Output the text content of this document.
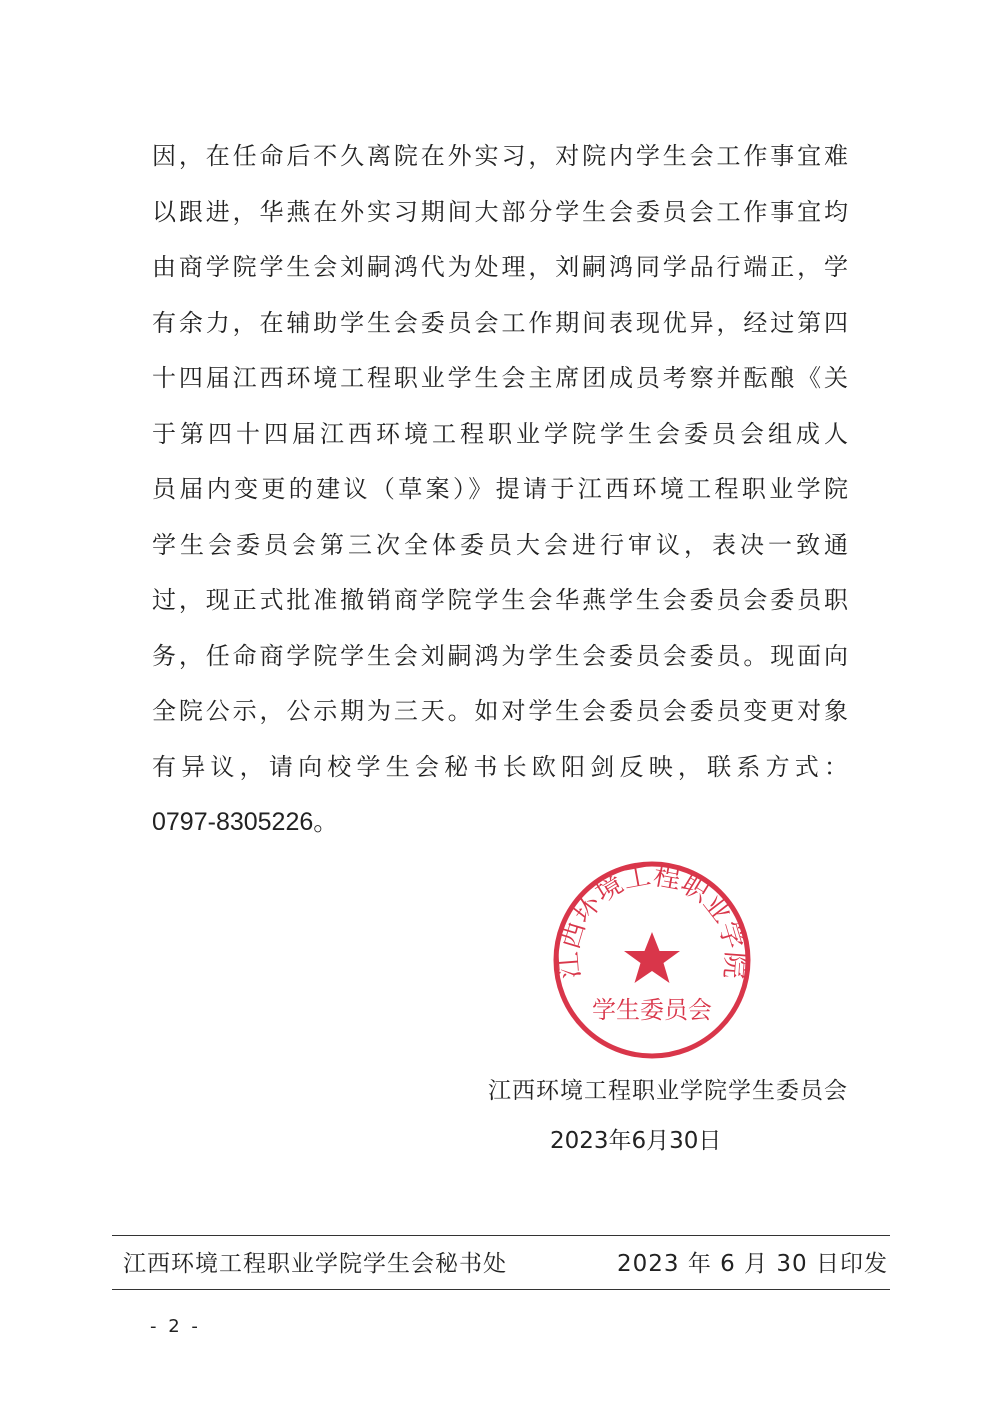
因，在任命后不久离院在外实习，对院内学生会工作事宜难
以跟进，华燕在外实习期间大部分学生会委员会工作事宜均
由商学院学生会刘嗣鸿代为处理，刘嗣鸿同学品行端正，学
有余力，在辅助学生会委员会工作期间表现优异，经过第四
十四届江西环境工程职业学生会主席团成员考察并酝酿《关
于第四十四届江西环境工程职业学院学生会委员会组成人
员届内变更的建议（草案）》提请于江西环境工程职业学院
学生会委员会第三次全体委员大会进行审议，表决一致通
过，现正式批准撤销商学院学生会华燕学生会委员会委员职
务，任命商学院学生会刘嗣鸿为学生会委员会委员。现面向
全院公示，公示期为三天。如对学生会委员会委员变更对象
有异议，请向校学生会秘书长欧阳剑反映，联系方式：
0797-8305226。
江西环境工程职业学院
学生委员会
江西环境工程职业学院学生委员会
2023年6月30日
江西环境工程职业学院学生会秘书处	2023 年 6 月 30 日印发
- 2 -
